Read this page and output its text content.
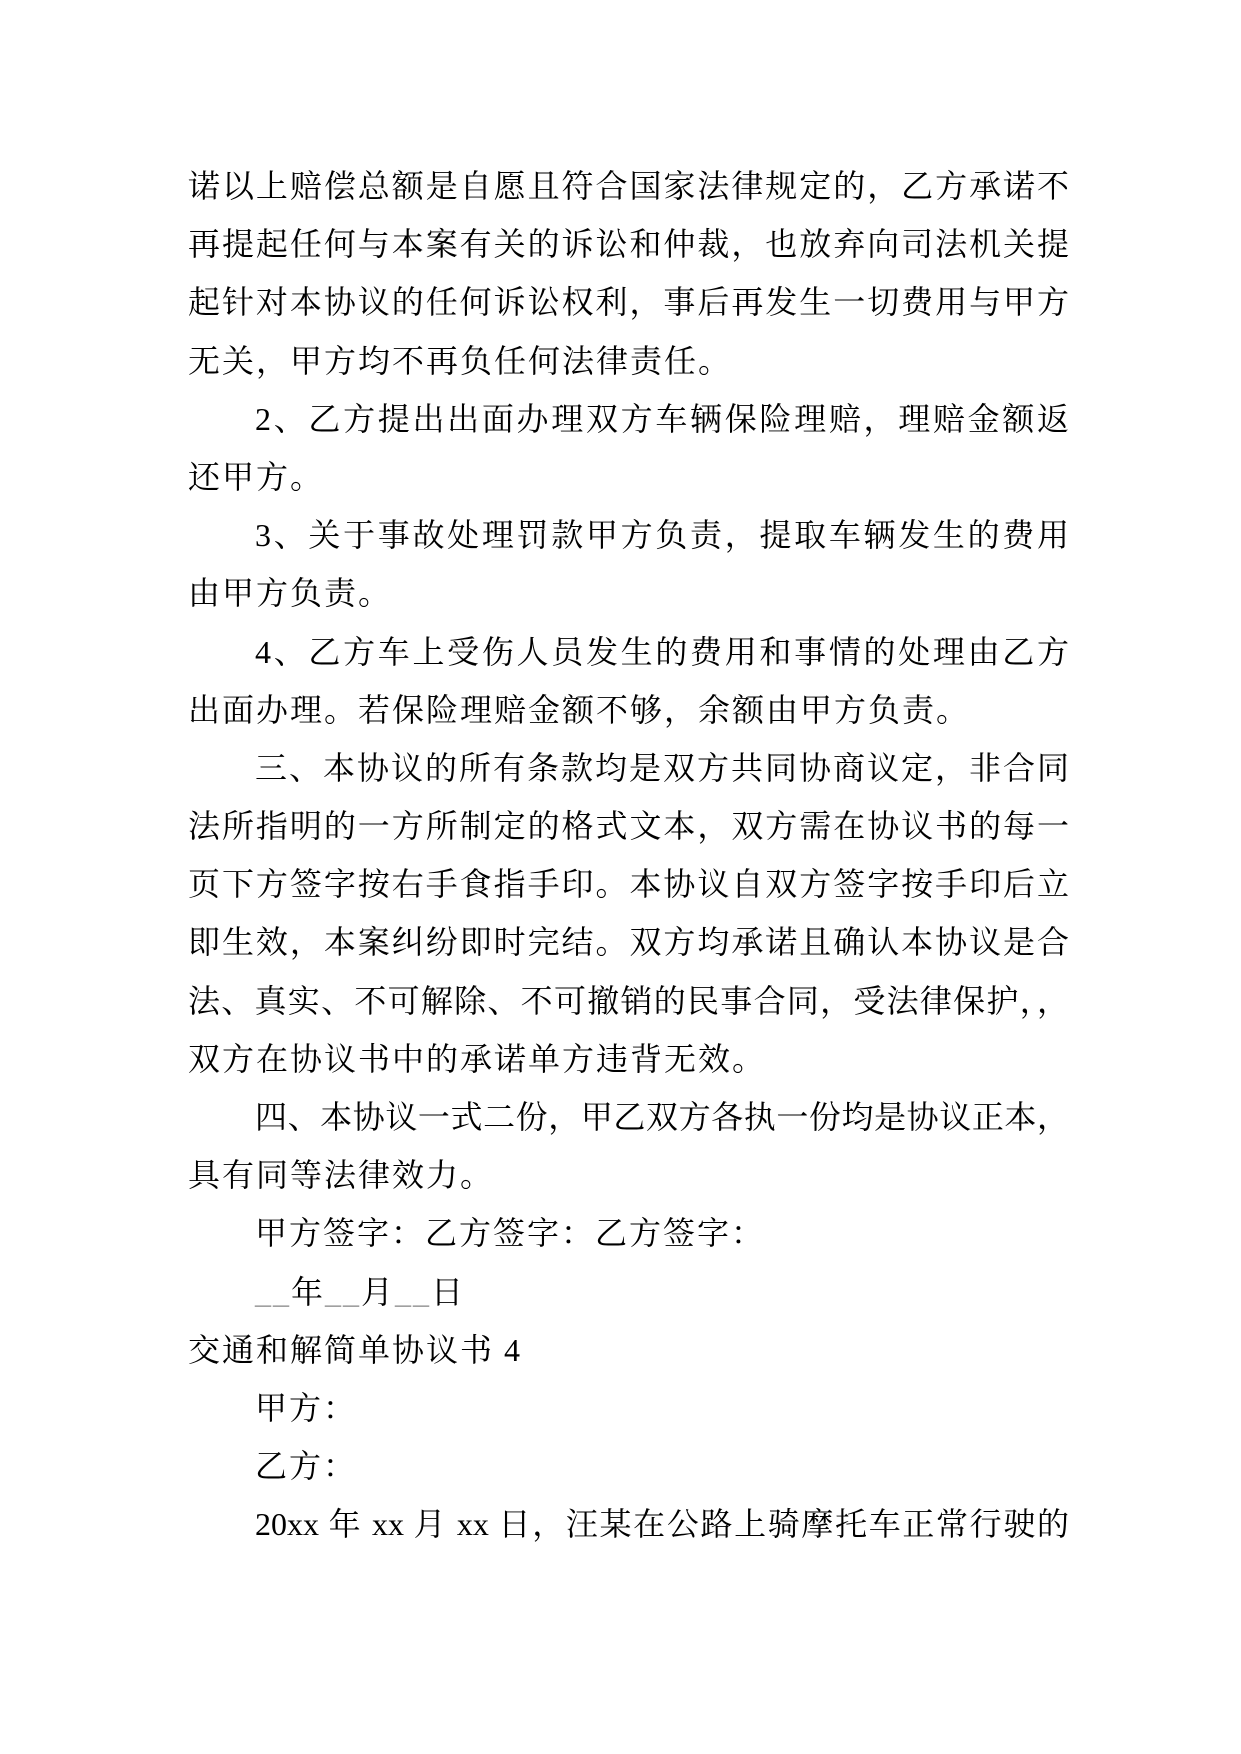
诺以上赔偿总额是自愿且符合国家法律规定的，乙方承诺不
再提起任何与本案有关的诉讼和仲裁，也放弃向司法机关提
起针对本协议的任何诉讼权利，事后再发生一切费用与甲方
无关，甲方均不再负任何法律责任。
2、乙方提出出面办理双方车辆保险理赔，理赔金额返
还甲方。
3、关于事故处理罚款甲方负责，提取车辆发生的费用
由甲方负责。
4、乙方车上受伤人员发生的费用和事情的处理由乙方
出面办理。若保险理赔金额不够，余额由甲方负责。
三、本协议的所有条款均是双方共同协商议定，非合同
法所指明的一方所制定的格式文本，双方需在协议书的每一
页下方签字按右手食指手印。本协议自双方签字按手印后立
即生效，本案纠纷即时完结。双方均承诺且确认本协议是合
法、真实、不可解除、不可撤销的民事合同，受法律保护，，
双方在协议书中的承诺单方违背无效。
四、本协议一式二份，甲乙双方各执一份均是协议正本，
具有同等法律效力。
甲方签字：乙方签字：乙方签字：
__年__月__日
交通和解简单协议书 4
甲方：
乙方：
20xx 年 xx 月 xx 日，汪某在公路上骑摩托车正常行驶的
